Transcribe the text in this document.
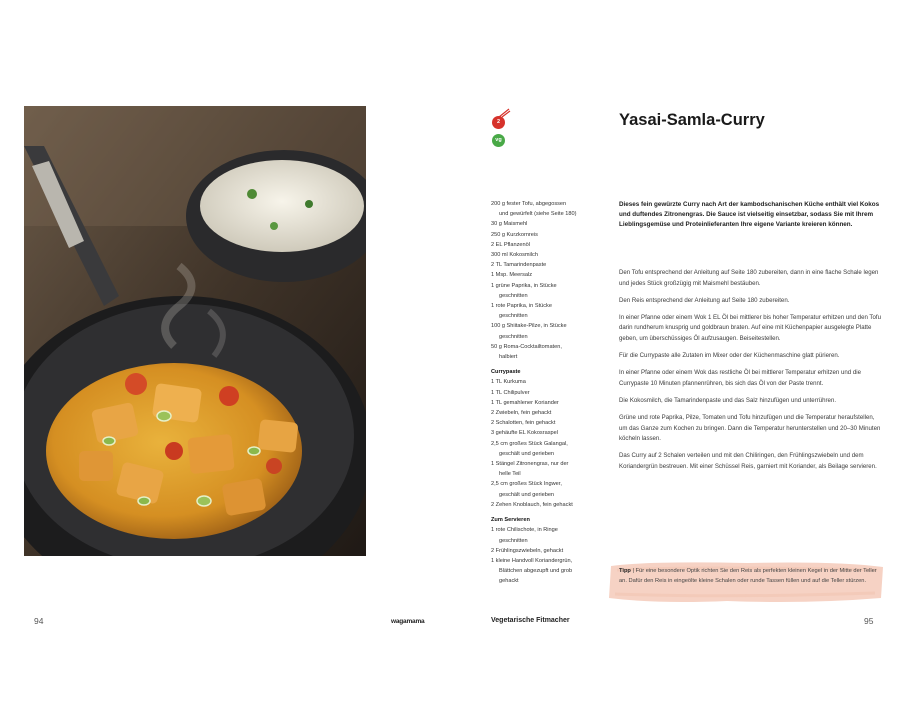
94	wagamama
2
vg
Yasai-Samla-Curry
200 g fester Tofu, abgegossen
und gewürfelt (siehe Seite 180)
30 g Maismehl
250 g Kurzkornreis
2 EL Pflanzenöl
300 ml Kokosmilch
2 TL Tamarindenpaste
1 Msp. Meersalz
1 grüne Paprika, in Stücke
geschnitten
1 rote Paprika, in Stücke
geschnitten
100 g Shiitake-Pilze, in Stücke
geschnitten
50 g Roma-Cocktailtomaten,
halbiert
Currypaste
1 TL Kurkuma
1 TL Chilipulver
1 TL gemahlener Koriander
2 Zwiebeln, fein gehackt
2 Schalotten, fein gehackt
3 gehäufte EL Kokosraspel
2,5 cm großes Stück Galangal,
geschält und gerieben
1 Stängel Zitronengras, nur der
helle Teil
2,5 cm großes Stück Ingwer,
geschält und gerieben
2 Zehen Knoblauch, fein gehackt
Zum Servieren
1 rote Chilischote, in Ringe
geschnitten
2 Frühlingszwiebeln, gehackt
1 kleine Handvoll Koriandergrün,
Blättchen abgezupft und grob
gehackt
Dieses fein gewürzte Curry nach Art der kambodschanischen Küche enthält viel Kokos und duftendes Zitronengras. Die Sauce ist vielseitig einsetzbar, sodass Sie mit Ihrem Lieblingsgemüse und Proteinlieferanten Ihre eigene Variante kreieren können.

Den Tofu entsprechend der Anleitung auf Seite 180 zubereiten, dann in eine flache Schale legen und jedes Stück großzügig mit Maismehl bestäuben.

Den Reis entsprechend der Anleitung auf Seite 180 zubereiten.

In einer Pfanne oder einem Wok 1 EL Öl bei mittlerer bis hoher Temperatur erhitzen und den Tofu darin rundherum knusprig und goldbraun braten. Auf eine mit Küchenpapier ausgelegte Platte geben, um überschüssiges Öl aufzusaugen. Beiseitestellen.

Für die Currypaste alle Zutaten im Mixer oder der Küchenmaschine glatt pürieren.

In einer Pfanne oder einem Wok das restliche Öl bei mittlerer Temperatur erhitzen und die Currypaste 10 Minuten pfannenrühren, bis sich das Öl von der Paste trennt.

Die Kokosmilch, die Tamarindenpaste und das Salz hinzufügen und unterrühren.

Grüne und rote Paprika, Pilze, Tomaten und Tofu hinzufügen und die Temperatur heraufstellen, um das Ganze zum Kochen zu bringen. Dann die Temperatur herunterstellen und 20–30 Minuten köcheln lassen.

Das Curry auf 2 Schalen verteilen und mit den Chiliringen, den Frühlingszwiebeln und dem Koriandergrün bestreuen. Mit einer Schüssel Reis, garniert mit Koriander, als Beilage servieren.

Tipp | Für eine besondere Optik richten Sie den Reis als perfekten kleinen Kegel in der Mitte der Teller an. Dafür den Reis in eingeölte kleine Schalen oder runde Tassen füllen und auf die Teller stürzen.
Vegetarische Fitmacher	95
